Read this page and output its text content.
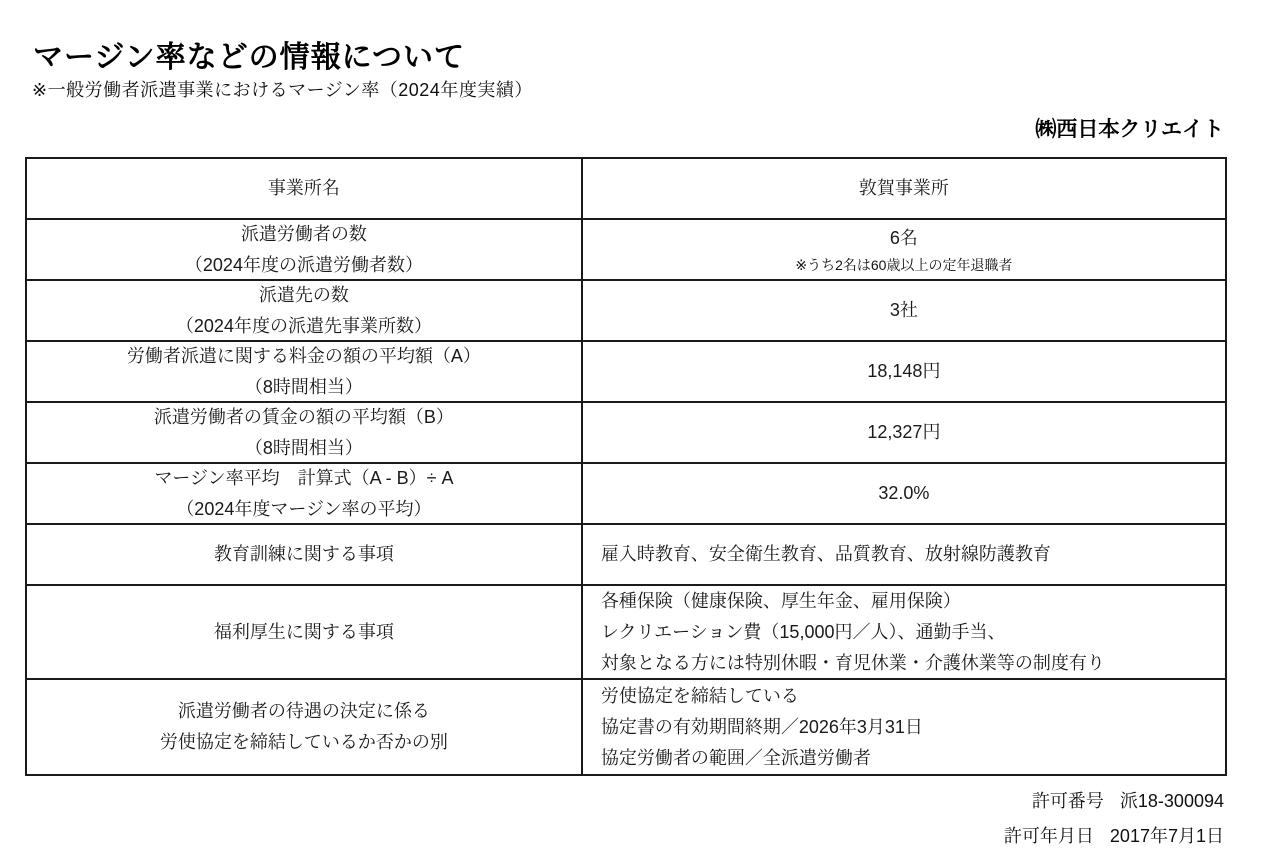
マージン率などの情報について
※一般労働者派遣事業におけるマージン率（2024年度実績）
㈱西日本クリエイト
事業所名	敦賀事業所
派遣労働者の数
（2024年度の派遣労働者数）
6名
※うち2名は60歳以上の定年退職者
派遣先の数
（2024年度の派遣先事業所数）
3社
労働者派遣に関する料金の額の平均額（A）
（8時間相当）
18,148円
派遣労働者の賃金の額の平均額（B）
（8時間相当）
12,327円
マージン率平均　計算式（A - B）÷ A
（2024年度マージン率の平均）
32.0%
教育訓練に関する事項	雇入時教育、安全衛生教育、品質教育、放射線防護教育
福利厚生に関する事項
各種保険（健康保険、厚生年金、雇用保険）
レクリエーション費（15,000円／人）、通勤手当、
対象となる方には特別休暇・育児休業・介護休業等の制度有り
派遣労働者の待遇の決定に係る
労使協定を締結しているか否かの別
労使協定を締結している
協定書の有効期間終期／2026年3月31日
協定労働者の範囲／全派遣労働者
許可番号 派18-300094
許可年月日 2017年7月1日
